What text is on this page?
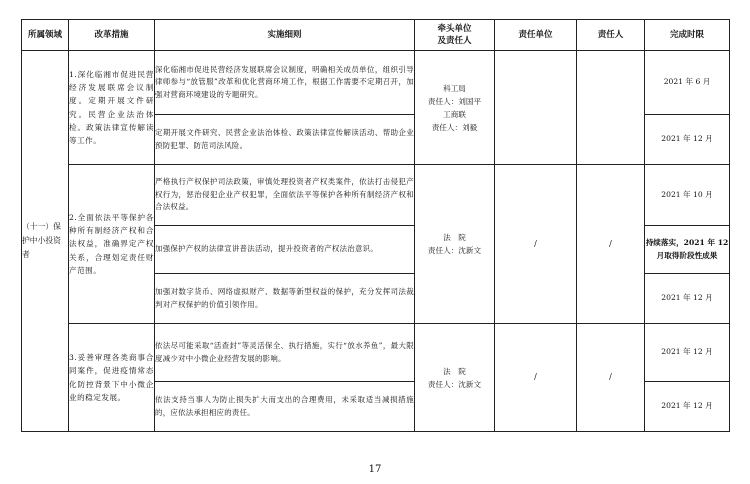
所属领域	改革措施	实施细则	牵头单位
及责任人	责任单位	责任人	完成时限
（十一）保护中小投资者	1.深化临湘市促进民营经济发展联席会议制度。定期开展文件研究。民营企业法治体检。政策法律宣传解读等工作。	深化临湘市促进民营经济发展联席会议制度，明确相关成员单位，组织引导律师参与“放管服”改革和优化营商环境工作，根据工作需要不定期召开，加强对营商环境建设的专题研究。	科工局
责任人：刘国平
工商联
责任人：刘毅			2021 年 6 月
		定期开展文件研究、民营企业法治体检、政策法律宣传解读活动、帮助企业预防犯罪、防范司法风险。				2021 年 12 月
	2.全面依法平等保护各种所有制经济产权和合法权益，准确界定产权关系，合理划定责任财产范围。	严格执行产权保护司法政策，审慎处理投资者产权类案件，依法打击侵犯产权行为，惩治侵犯企业产权犯罪，全面依法平等保护各种所有制经济产权和合法权益。	法　院
责任人：沈新文	/	/	2021 年 10 月
		加强保护产权的法律宣讲普法活动，提升投资者的产权法治意识。				持续落实，2021 年 12 月取得阶段性成果
		加强对数字货币、网络虚拟财产、数据等新型权益的保护，充分发挥司法裁判对产权保护的价值引领作用。				2021 年 12 月
	3.妥善审理各类商事合同案件，促进疫情常态化防控背景下中小微企业的稳定发展。	依法尽可能采取“活查封”等灵活保全、执行措施，实行“放水养鱼”，最大限度减少对中小微企业经营发展的影响。	法　院
责任人：沈新文	/	/	2021 年 12 月
		依法支持当事人为防止损失扩大而支出的合理费用，未采取适当减损措施的，应依法承担相应的责任。				2021 年 12 月
17
